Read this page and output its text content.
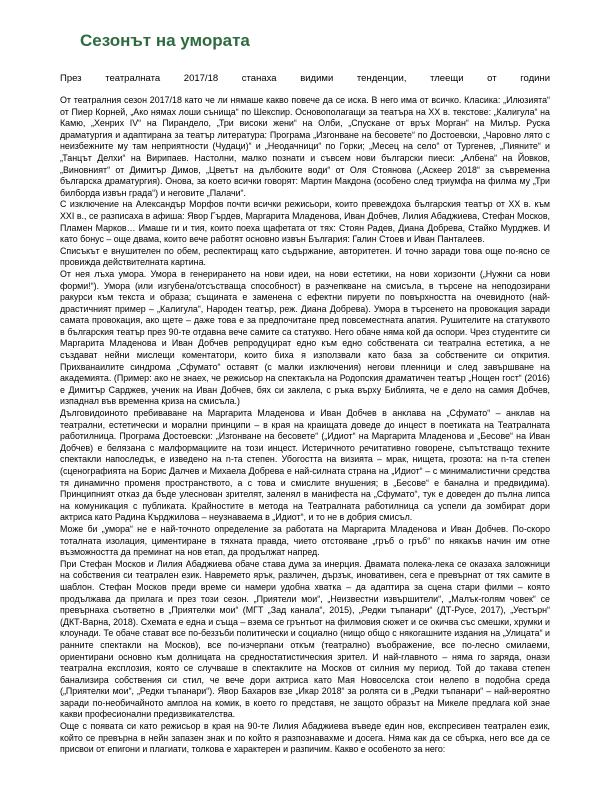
Сезонът на умората
През театралната 2017/18 станаха видими тенденции, тлеещи от години

От театралния сезон 2017/18 като че ли нямаше какво повече да се иска. В него има от всичко. Класика: „Илюзията“ от Пиер Корней, „Ако нямах лоши сънища“ по Шекспир. Основополагащи за театъра на ХХ в. текстове: „Калигула“ на Камю, „Хенрих IV“ на Пирандело, „Три високи жени“ на Олби, „Спускане от връх Морган“ на Милър. Руска драматургия и адаптирана за театър литература: Програма „Изгонване на бесовете“ по Достоевски, „Чаровно лято с неизбежните му там неприятности (Чудаци)“ и „Неодачници“ по Горки; „Месец на село“ от Тургенев, „Пияните“ и „Танцът Делхи“ на Вирипаев. Настолни, малко познати и съвсем нови български пиеси: „Албена“ на Йовков, „Виновният“ от Димитър Димов, „Цветът на дълбоките води“ от Оля Стоянова („Аскеер 2018“ за съвременна българска драматургия). Онова, за което всички говорят: Мартин Макдона (особено след триумфа на филма му „Три билборда извън града“) и неговите „Палачи“.

С изключение на Александър Морфов почти всички режисьори, които превеждоха българския театър от ХХ в. към ХХI в., се разписаха в афиша: Явор Гърдев, Маргарита Младенова, Иван Добчев, Лилия Абаджиева, Стефан Москов, Пламен Марков… Имаше ги и тия, които поеха щафетата от тях: Стоян Радев, Диана Добрева, Стайко Мурджев. И като бонус – още двама, които вече работят основно извън България: Галин Стоев и Иван Панталеев.

Списъкът е внушителен по обем, респектиращ като съдържание, авторитетен. И точно заради това още по-ясно се провижда действителната картина.

От нея лъха умора. Умора в генерирането на нови идеи, на нови естетики, на нови хоризонти („Нужни са нови форми!“). Умора (или изгубена/отсъстваща способност) в разчепкване на смисъла, в търсене на неподозирани ракурси към текста и образа; същината е заменена с ефектни пируети по повърхността на очевидното (най-драстичният пример – „Калигула“, Народен театър, реж. Диана Добрева). Умора в търсенето на провокация заради самата провокация, ако щете – даже това е за предпочитане пред повсеместната апатия. Рушителите на статуквото в българския театър през 90-те отдавна вече самите са статукво. Него обаче няма кой да оспори. Чрез студентите си Маргарита Младенова и Иван Добчев репродуцират едно към едно собствената си театрална естетика, а не създават нейни мислещи коментатори, които биха я използвали като база за собствените си открития. Прихванаилите синдрома „Сфумато“ оставят (с малки изключения) негови пленници и след завършване на академията. (Пример: ако не знаех, че режисьор на спектакъла на Родопския драматичен театър „Нощен гост“ (2016) е Димитър Сарджев, ученик на Иван Добчев, бях си заклела, с ръка върху Библията, че е дело на самия Добчев, изпаднал във временна криза на смисъла.)

Дълговидоиното пребиваване на Маргарита Младенова и Иван Добчев в анклава на „Сфумато“ – анклав на театрални, естетически и морални принципи – в края на краищата доведе до инцест в поетиката на Театралната работилница. Програма Достоевски: „Изгонване на бесовете“ („Идиот“ на Маргарита Младенова и „Бесове“ на Иван Добчев) е белязана с малформациите на този инцест. Истеричното речитативно говорене, съпътстващо техните спектакли напоследък, е изведено на n-та степен. Убогостта на визията – мрак, нищета, грозота: на n-та степен (сценографията на Борис Далчев и Михаела Добрева е най-силната страна на „Идиот“ – с минималистични средства тя динамично променя пространството, а с това и смислите внушения; в „Бесове“ е банална и предвидима). Принципният отказ да бъде улеснован зрителят, заленял в манифеста на „Сфумато“, тук е доведен до пълна липса на комуникация с публиката. Крайностите в метода на Театралната работилница са успели да зомбират дори актриса като Радина Кърджилова – неузнаваема в „Идиот“, и то не в добрия смисъл.

Може би „умора“ не е най-точното определение за работата на Маргарита Младенова и Иван Добчев. По-скоро тоталната изолация, циментиране в тяхната правда, чието отстояване „гръб о гръб“ по някакъв начин им отне възможността да преминат на нов етап, да продължат напред.

При Стефан Москов и Лилия Абаджиева обаче става дума за инерция. Двамата полека-лека се оказаха заложници на собствения си театрален език. Навремето ярък, различен, дързък, иновативен, сега е превърнат от тях самите в шаблон. Стефан Москов преди време си намери удобна хватка – да адаптира за сцена стари филми – която продължава да прилага и през този сезон. „Приятели мои“, „Неизвестни извършители“, „Малък-голям човек“ се превърнаха съответно в „Приятелки мои“ (МГТ „Зад канала“, 2015), „Редки тъпанари“ (ДТ-Русе, 2017), „Уестърн“ (ДКТ-Варна, 2018). Схемата е една и съща – взема се грънтьот на филмовия сюжет и се окичва със смешки, хрумки и клоунади. Те обаче стават все по-беззъби политически и социално (нищо общо с някогашните издания на „Улицата“ и ранните спектакли на Москов), все по-изчерпани откъм (театрално) въображение, все по-лесно смилаеми, ориентирани основно към долницата на средностатистическия зрител. И най-главното – няма го заряда, онази театрална експлозия, която се случваше в спектаклите на Москов от силния му период. Той до такава степен банализира собствения си стил, че вече дори актриса като Мая Новоселска стои нелепо в подобна среда („Приятелки мои“, „Редки тъпанари“). Явор Бахаров взе „Икар 2018“ за ролята си в „Редки тъпанари“ – най-вероятно заради по-необичайното амплоа на комик, в което го представя, не защото образът на Микеле предлага кой знае какви професионални предизвикателства.

Още с появата си като режисьор в края на 90-те Лилия Абаджиева въведе един нов, експресивен театрален език, който се превърна в нейн запазен знак и по който я разпознавахме и досега. Няма как да се сбърка, него все да се присвои от епигони и плагиати, толкова е характерен и разпичим. Какво е особеното за него:
